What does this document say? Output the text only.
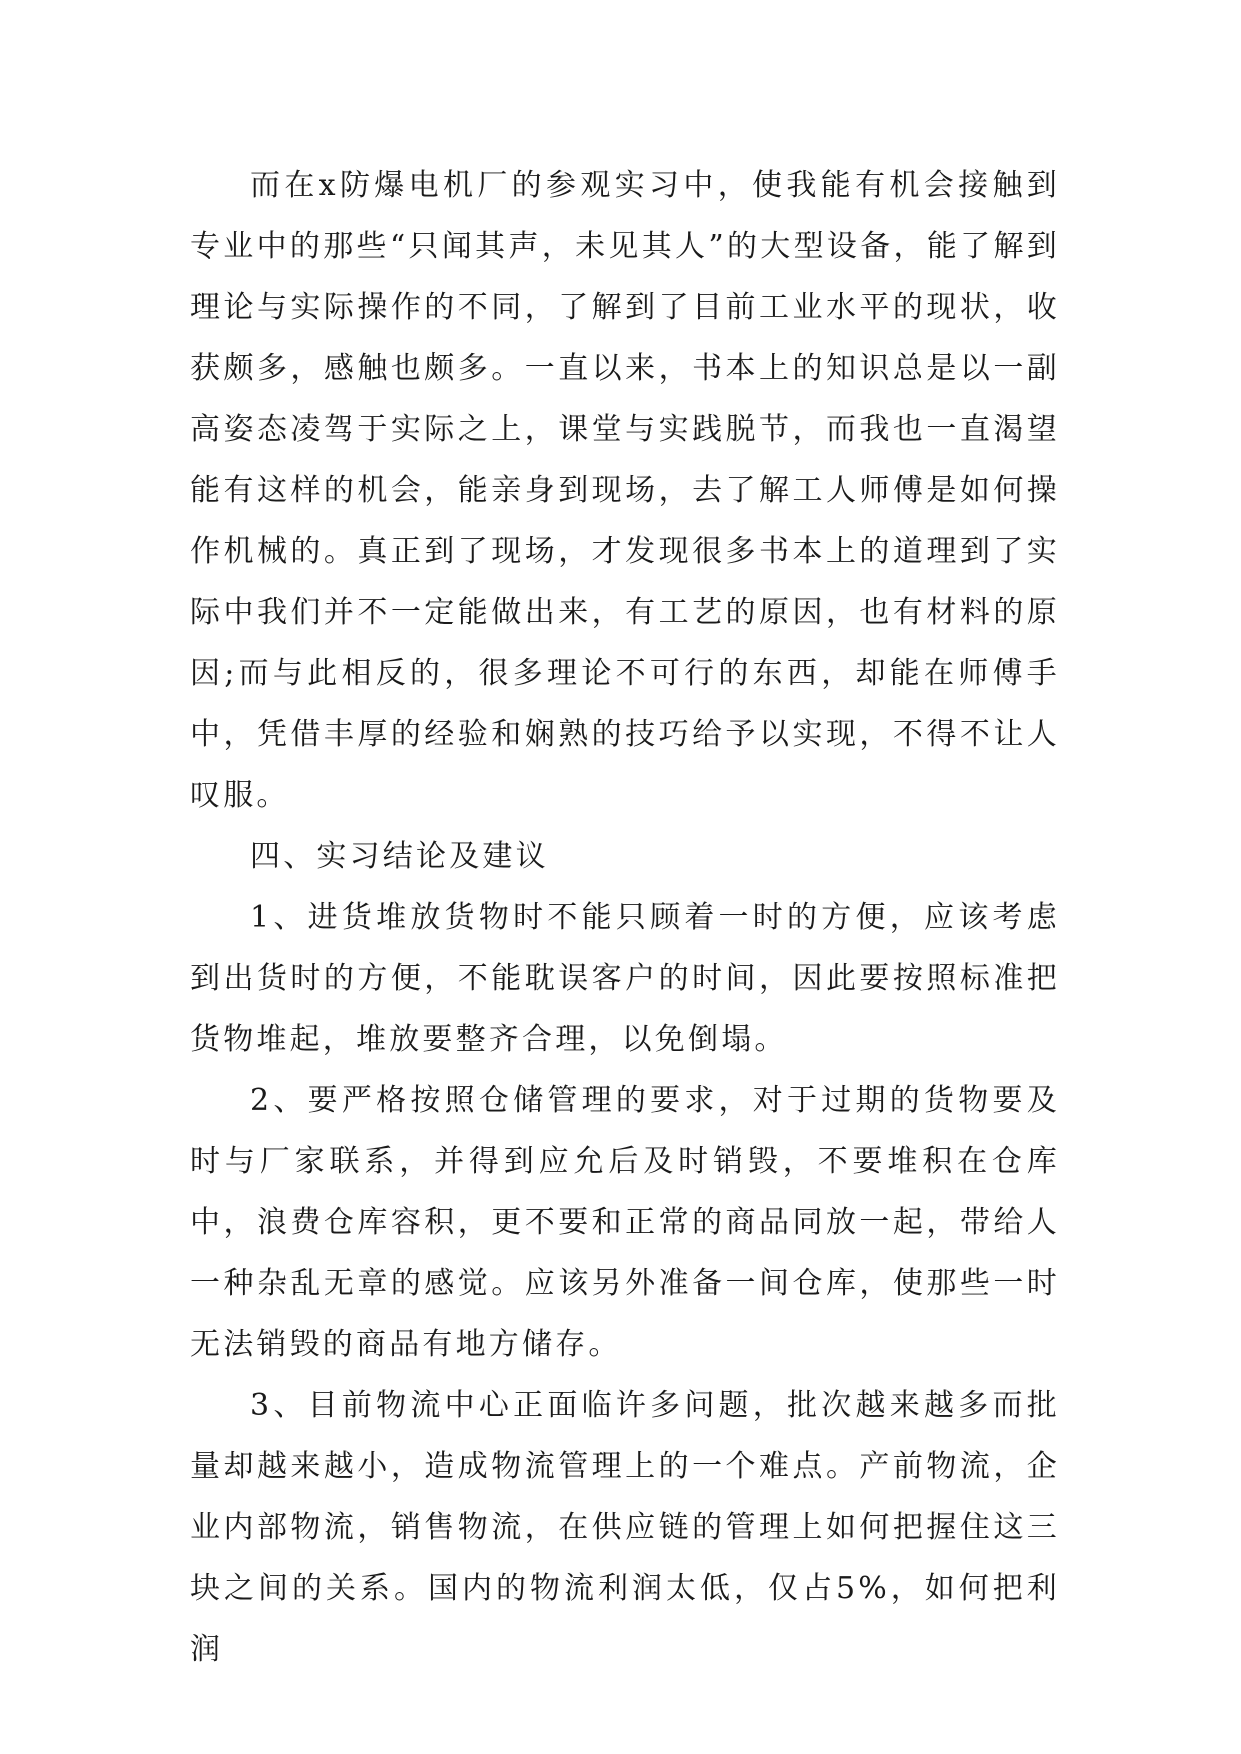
而在x防爆电机厂的参观实习中，使我能有机会接触到专业中的那些“只闻其声，未见其人”的大型设备，能了解到理论与实际操作的不同，了解到了目前工业水平的现状，收获颇多，感触也颇多。一直以来，书本上的知识总是以一副高姿态凌驾于实际之上，课堂与实践脱节，而我也一直渴望能有这样的机会，能亲身到现场，去了解工人师傅是如何操作机械的。真正到了现场，才发现很多书本上的道理到了实际中我们并不一定能做出来，有工艺的原因，也有材料的原因;而与此相反的，很多理论不可行的东西，却能在师傅手中，凭借丰厚的经验和娴熟的技巧给予以实现，不得不让人叹服。

四、实习结论及建议

1、进货堆放货物时不能只顾着一时的方便，应该考虑到出货时的方便，不能耽误客户的时间，因此要按照标准把货物堆起，堆放要整齐合理，以免倒塌。

2、要严格按照仓储管理的要求，对于过期的货物要及时与厂家联系，并得到应允后及时销毁，不要堆积在仓库中，浪费仓库容积，更不要和正常的商品同放一起，带给人一种杂乱无章的感觉。应该另外准备一间仓库，使那些一时无法销毁的商品有地方储存。

3、目前物流中心正面临许多问题，批次越来越多而批量却越来越小，造成物流管理上的一个难点。产前物流，企业内部物流，销售物流，在供应链的管理上如何把握住这三块之间的关系。国内的物流利润太低，仅占5%，如何把利润
